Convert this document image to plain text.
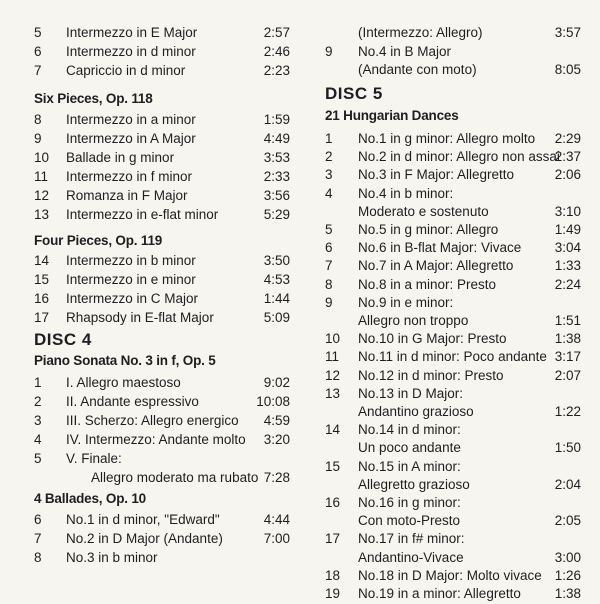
5 Intermezzo in E Major	2:57
6 Intermezzo in d minor	2:46
7 Capriccio in d minor	2:23
Six Pieces, Op. 118
8 Intermezzo in a minor	1:59
9 Intermezzo in A Major	4:49
10 Ballade in g minor	3:53
11 Intermezzo in f minor	2:33
12 Romanza in F Major	3:56
13 Intermezzo in e-flat minor	5:29
Four Pieces, Op. 119
14 Intermezzo in b minor	3:50
15 Intermezzo in e minor	4:53
16 Intermezzo in C Major	1:44
17 Rhapsody in E-flat Major	5:09
DISC 4
Piano Sonata No. 3 in f, Op. 5
1 I. Allegro maestoso	9:02
2 II. Andante espressivo	10:08
3 III. Scherzo: Allegro energico 4:59
4 IV. Intermezzo: Andante molto 3:20
5 V. Finale:
Allegro moderato ma rubato 7:28
4 Ballades, Op. 10
6 No.1 in d minor, "Edward"	4:44
7 No.2 in D Major (Andante)	7:00
8 No.3 in b minor
(Intermezzo: Allegro)	3:57
9 No.4 in B Major
(Andante con moto)	8:05
DISC 5
21 Hungarian Dances
1 No.1 in g minor: Allegro molto 2:29
2 No.2 in d minor: Allegro non assai
2:37
3 No.3 in F Major: Allegretto	2:06
4 No.4 in b minor:
Moderato e sostenuto	3:10
5 No.5 in g minor: Allegro	1:49
6 No.6 in B-flat Major: Vivace 3:04
7 No.7 in A Major: Allegretto	1:33
8 No.8 in a minor: Presto	2:24
9 No.9 in e minor:
Allegro non troppo	1:51
10 No.10 in G Major: Presto	1:38
11 No.11 in d minor: Poco andante 3:17
12 No.12 in d minor: Presto	2:07
13 No.13 in D Major:
Andantino grazioso	1:22
14 No.14 in d minor:
Un poco andante	1:50
15 No.15 in A minor:
Allegretto grazioso	2:04
16 No.16 in g minor:
Con moto-Presto	2:05
17 No.17 in f# minor:
Andantino-Vivace	3:00
18 No.18 in D Major: Molto vivace 1:26
19 No.19 in a minor: Allegretto	1:38
